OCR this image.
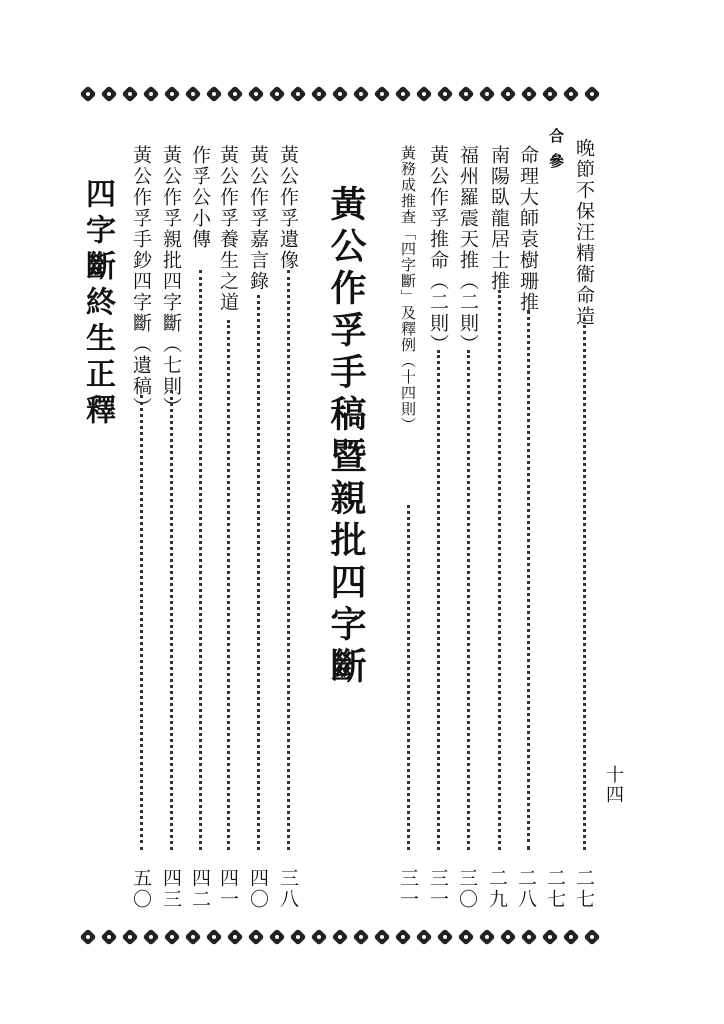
十四
晚節不保汪精衞命造
二七
合參
命理大師袁樹珊推
二七
南陽臥龍居士推
二八
福州羅震天推（二則）
二九
黃公作孚推命（二則）
三〇
黃務成推查「四字斷」及釋例（十四則）
三一
三一
黃公作孚手稿暨親批四字斷
黃公作孚遺像
三八
黃公作孚嘉言錄
四〇
黃公作孚養生之道
四一
作孚公小傳
四二
黃公作孚親批四字斷（七則）
四三
黃公作孚手鈔四字斷（遺稿）
五〇
四字斷終生正釋
